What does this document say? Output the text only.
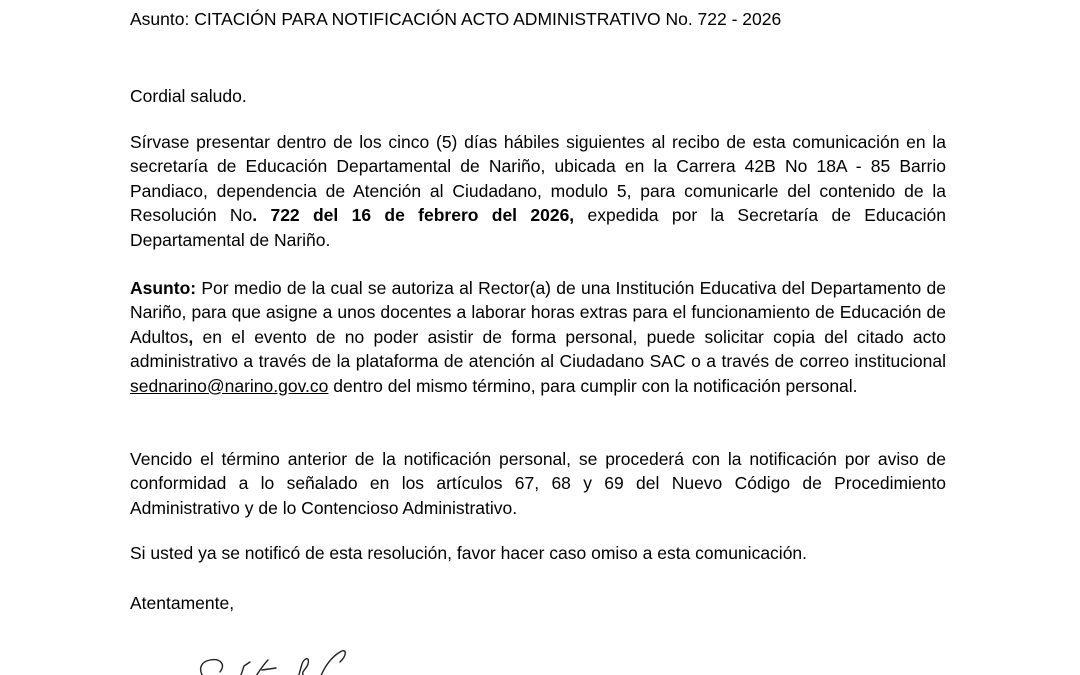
Asunto: CITACIÓN PARA NOTIFICACIÓN ACTO ADMINISTRATIVO No. 722 - 2026
Cordial saludo.
Sírvase presentar dentro de los cinco (5) días hábiles siguientes al recibo de esta comunicación en la secretaría de Educación Departamental de Nariño, ubicada en la Carrera 42B No 18A - 85 Barrio Pandiaco, dependencia de Atención al Ciudadano, modulo 5, para comunicarle del contenido de la Resolución No. 722 del 16 de febrero del 2026, expedida por la Secretaría de Educación Departamental de Nariño.
Asunto: Por medio de la cual se autoriza al Rector(a) de una Institución Educativa del Departamento de Nariño, para que asigne a unos docentes a laborar horas extras para el funcionamiento de Educación de Adultos, en el evento de no poder asistir de forma personal, puede solicitar copia del citado acto administrativo a través de la plataforma de atención al Ciudadano SAC o a través de correo institucional sednarino@narino.gov.co dentro del mismo término, para cumplir con la notificación personal.
Vencido el término anterior de la notificación personal, se procederá con la notificación por aviso de conformidad a lo señalado en los artículos 67, 68 y 69 del Nuevo Código de Procedimiento Administrativo y de lo Contencioso Administrativo.
Si usted ya se notificó de esta resolución, favor hacer caso omiso a esta comunicación.
Atentamente,
